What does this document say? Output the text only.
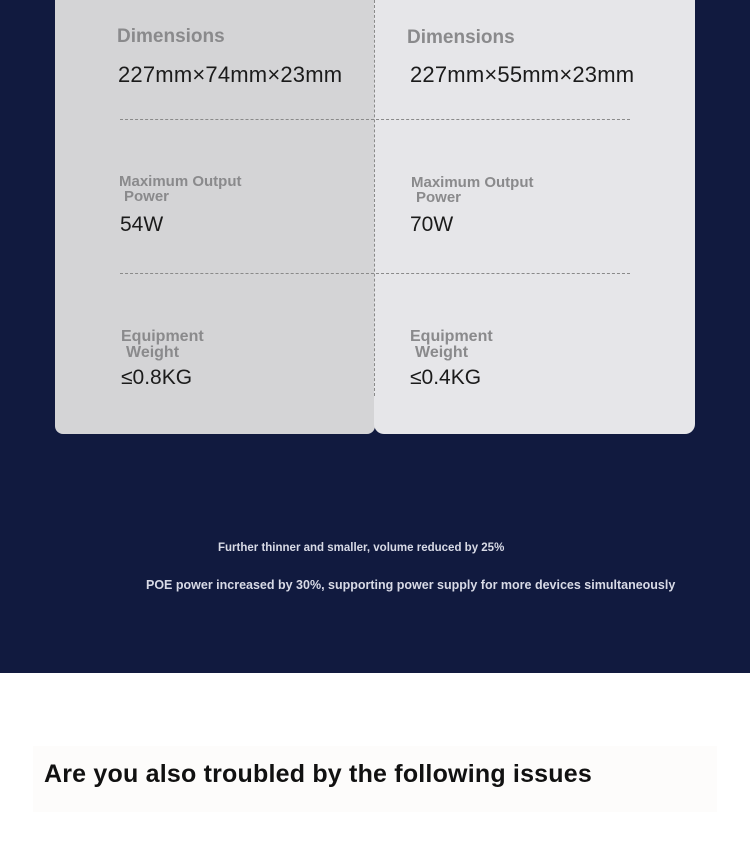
Dimensions
227mm×74mm×23mm
Maximum Output
Power
54W
Equipment
Weight
≤0.8KG
Dimensions
227mm×55mm×23mm
Maximum Output
Power
70W
Equipment
Weight
≤0.4KG
Further thinner and smaller, volume reduced by 25%
POE power increased by 30%, supporting power supply for more devices simultaneously
Are you also troubled by the following issues
